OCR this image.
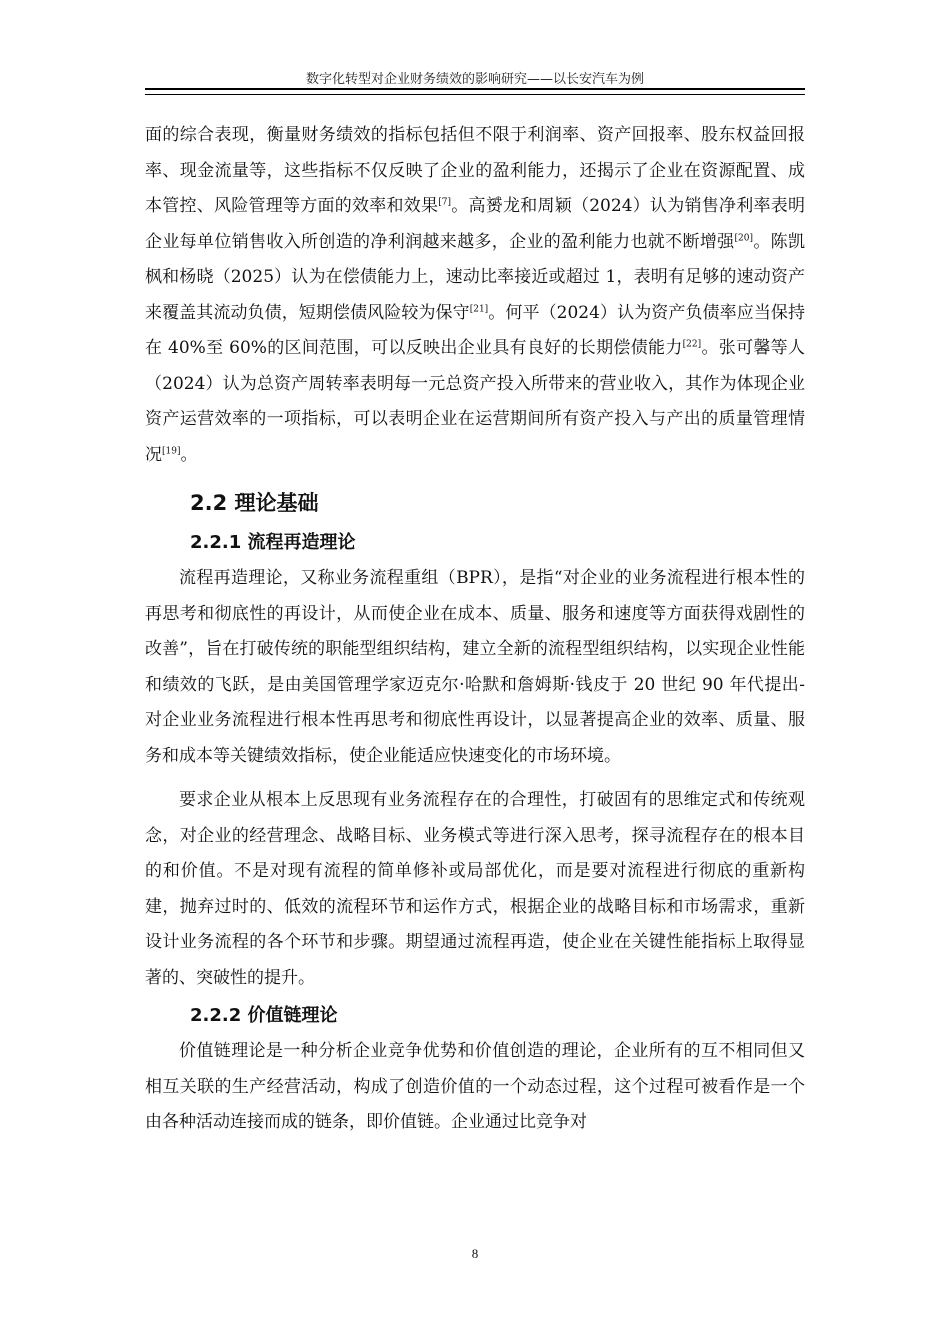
数字化转型对企业财务绩效的影响研究——以长安汽车为例

面的综合表现，衡量财务绩效的指标包括但不限于利润率、资产回报率、股东权益回报率、现金流量等，这些指标不仅反映了企业的盈利能力，还揭示了企业在资源配置、成本管控、风险管理等方面的效率和效果[7]。高赟龙和周颖（2024）认为销售净利率表明企业每单位销售收入所创造的净利润越来越多，企业的盈利能力也就不断增强[20]。陈凯枫和杨晓（2025）认为在偿债能力上，速动比率接近或超过 1，表明有足够的速动资产来覆盖其流动负债，短期偿债风险较为保守[21]。何平（2024）认为资产负债率应当保持在 40%至 60%的区间范围，可以反映出企业具有良好的长期偿债能力[22]。张可馨等人（2024）认为总资产周转率表明每一元总资产投入所带来的营业收入，其作为体现企业资产运营效率的一项指标，可以表明企业在运营期间所有资产投入与产出的质量管理情况[19]。

2.2 理论基础
2.2.1 流程再造理论

流程再造理论，又称业务流程重组（BPR），是指“对企业的业务流程进行根本性的再思考和彻底性的再设计，从而使企业在成本、质量、服务和速度等方面获得戏剧性的改善”，旨在打破传统的职能型组织结构，建立全新的流程型组织结构，以实现企业性能和绩效的飞跃，是由美国管理学家迈克尔·哈默和詹姆斯·钱皮于 20 世纪 90 年代提出- 对企业业务流程进行根本性再思考和彻底性再设计，以显著提高企业的效率、质量、服务和成本等关键绩效指标，使企业能适应快速变化的市场环境。

要求企业从根本上反思现有业务流程存在的合理性，打破固有的思维定式和传统观念，对企业的经营理念、战略目标、业务模式等进行深入思考，探寻流程存在的根本目的和价值。不是对现有流程的简单修补或局部优化，而是要对流程进行彻底的重新构建，抛弃过时的、低效的流程环节和运作方式，根据企业的战略目标和市场需求，重新设计业务流程的各个环节和步骤。期望通过流程再造，使企业在关键性能指标上取得显著的、突破性的提升。

2.2.2 价值链理论

价值链理论是一种分析企业竞争优势和价值创造的理论，企业所有的互不相同但又相互关联的生产经营活动，构成了创造价值的一个动态过程，这个过程可被看作是一个由各种活动连接而成的链条，即价值链。企业通过比竞争对

8
